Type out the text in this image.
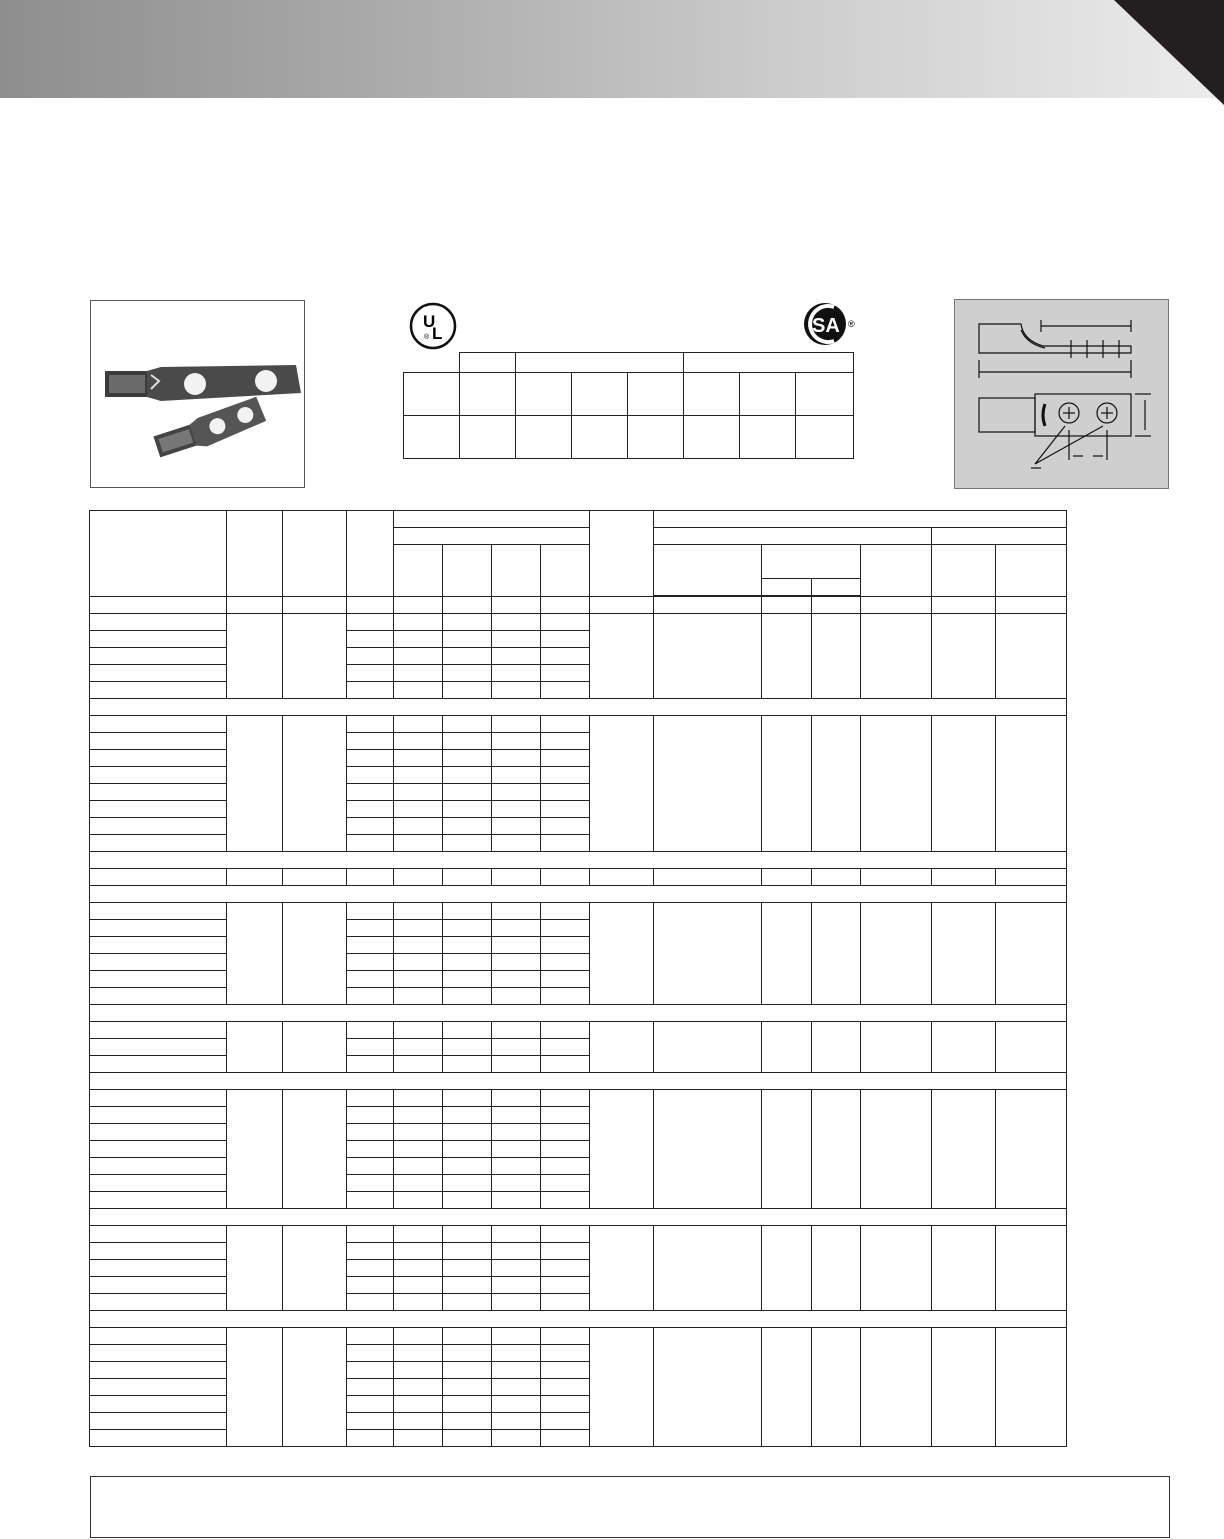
U
L
®
SA ®
